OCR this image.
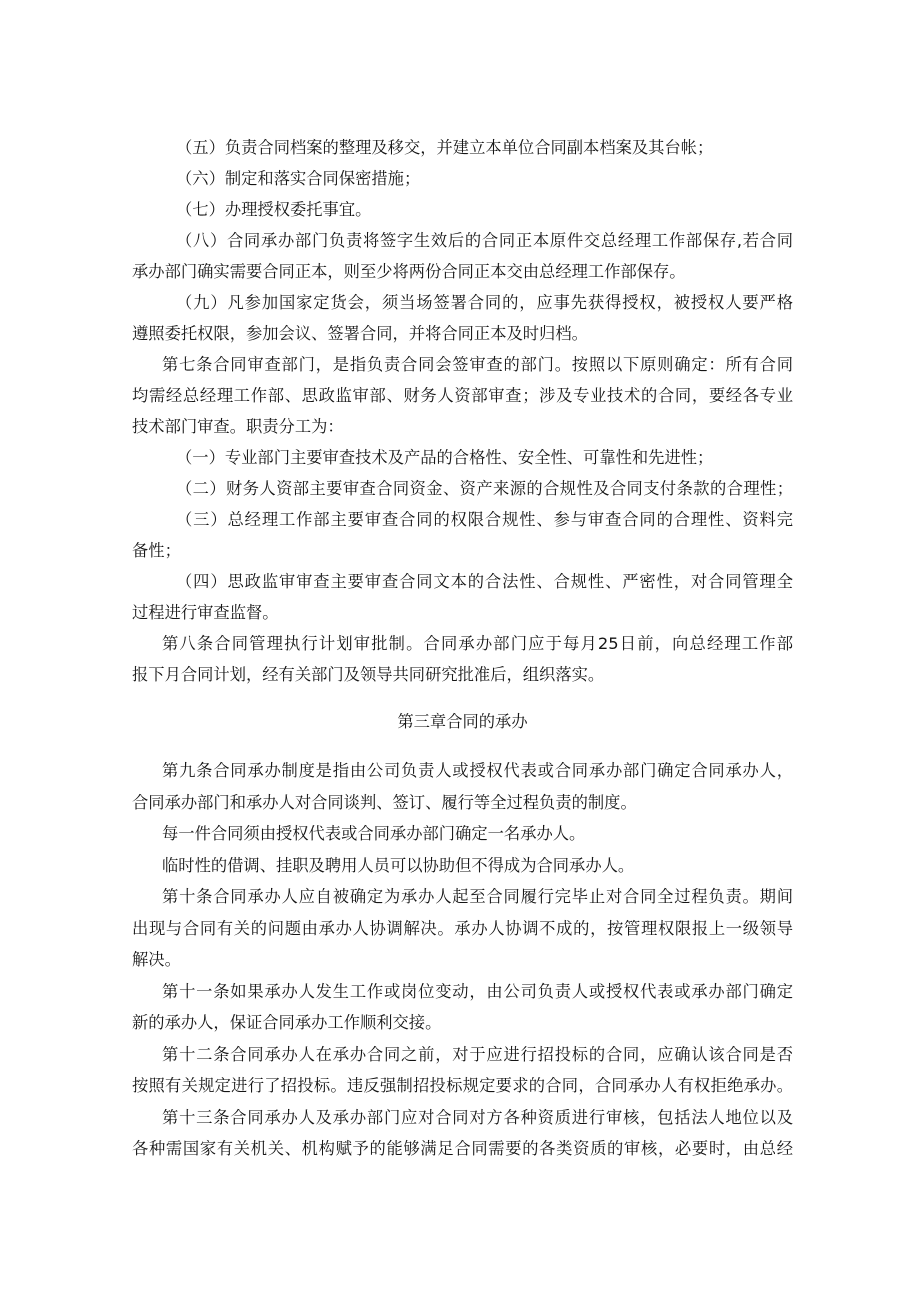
（五）负责合同档案的整理及移交，并建立本单位合同副本档案及其台帐；
（六）制定和落实合同保密措施；
（七）办理授权委托事宜。
（八）合同承办部门负责将签字生效后的合同正本原件交总经理工作部保存,若合同
承办部门确实需要合同正本，则至少将两份合同正本交由总经理工作部保存。
（九）凡参加国家定货会，须当场签署合同的，应事先获得授权，被授权人要严格
遵照委托权限，参加会议、签署合同，并将合同正本及时归档。
第七条合同审查部门，是指负责合同会签审查的部门。按照以下原则确定：所有合同
均需经总经理工作部、思政监审部、财务人资部审查；涉及专业技术的合同，要经各专业
技术部门审查。职责分工为：
（一）专业部门主要审查技术及产品的合格性、安全性、可靠性和先进性；
（二）财务人资部主要审查合同资金、资产来源的合规性及合同支付条款的合理性；
（三）总经理工作部主要审查合同的权限合规性、参与审查合同的合理性、资料完
备性；
（四）思政监审审查主要审查合同文本的合法性、合规性、严密性，对合同管理全
过程进行审查监督。
第八条合同管理执行计划审批制。合同承办部门应于每月25日前，向总经理工作部
报下月合同计划，经有关部门及领导共同研究批准后，组织落实。
第三章合同的承办
第九条合同承办制度是指由公司负责人或授权代表或合同承办部门确定合同承办人，
合同承办部门和承办人对合同谈判、签订、履行等全过程负责的制度。
每一件合同须由授权代表或合同承办部门确定一名承办人。
临时性的借调、挂职及聘用人员可以协助但不得成为合同承办人。
第十条合同承办人应自被确定为承办人起至合同履行完毕止对合同全过程负责。期间
出现与合同有关的问题由承办人协调解决。承办人协调不成的，按管理权限报上一级领导
解决。
第十一条如果承办人发生工作或岗位变动，由公司负责人或授权代表或承办部门确定
新的承办人，保证合同承办工作顺利交接。
第十二条合同承办人在承办合同之前，对于应进行招投标的合同，应确认该合同是否
按照有关规定进行了招投标。违反强制招投标规定要求的合同，合同承办人有权拒绝承办。
第十三条合同承办人及承办部门应对合同对方各种资质进行审核，包括法人地位以及
各种需国家有关机关、机构赋予的能够满足合同需要的各类资质的审核，必要时，由总经
